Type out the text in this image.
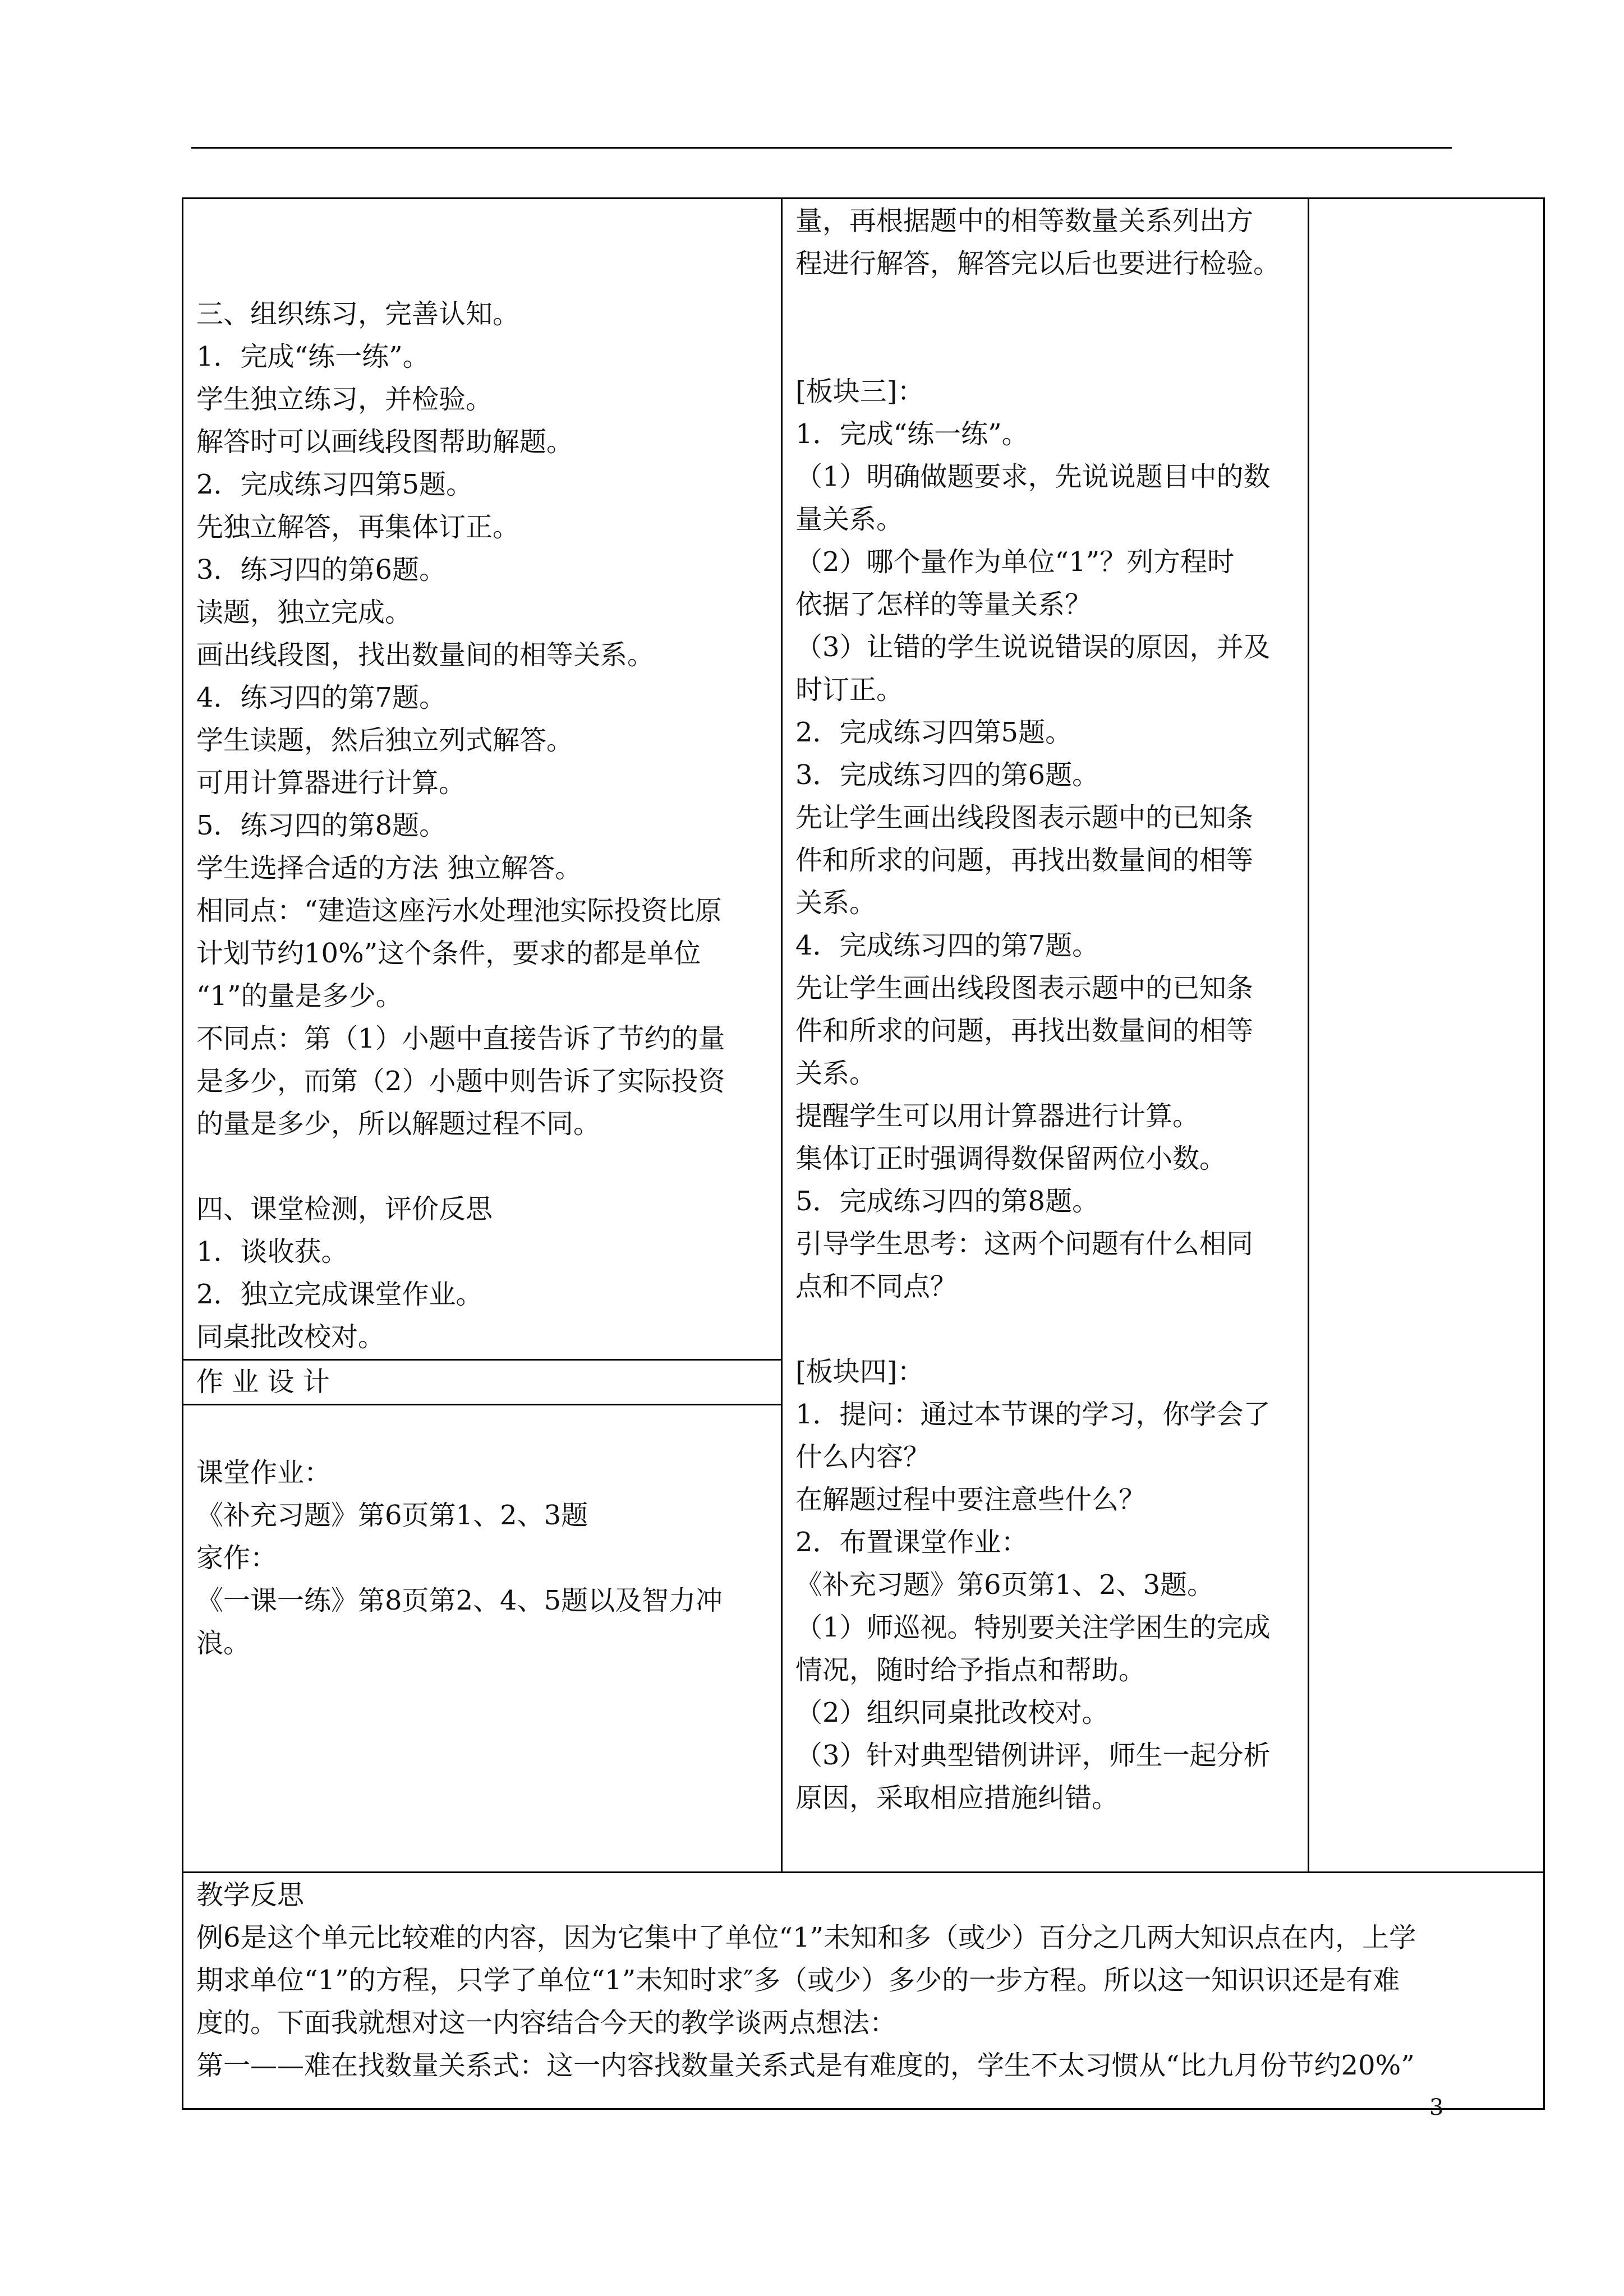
三、组织练习，完善认知。
1．完成“练一练”。
学生独立练习，并检验。
解答时可以画线段图帮助解题。
2．完成练习四第5题。
先独立解答，再集体订正。
3．练习四的第6题。
读题，独立完成。
画出线段图，找出数量间的相等关系。
4．练习四的第7题。
学生读题，然后独立列式解答。
可用计算器进行计算。
5．练习四的第8题。
学生选择合适的方法 独立解答。
相同点：“建造这座污水处理池实际投资比原
计划节约10%”这个条件，要求的都是单位
“1”的量是多少。
不同点：第（1）小题中直接告诉了节约的量
是多少，而第（2）小题中则告诉了实际投资
的量是多少，所以解题过程不同。
四、课堂检测，评价反思
1．谈收获。
2．独立完成课堂作业。
同桌批改校对。
作 业 设 计
课堂作业：
《补充习题》第6页第1、2、3题
家作：
《一课一练》第8页第2、4、5题以及智力冲
浪。
量，再根据题中的相等数量关系列出方
程进行解答，解答完以后也要进行检验。
[板块三]：
1．完成“练一练”。
（1）明确做题要求，先说说题目中的数
量关系。
（2）哪个量作为单位“1”？列方程时
依据了怎样的等量关系？
（3）让错的学生说说错误的原因，并及
时订正。
2．完成练习四第5题。
3．完成练习四的第6题。
先让学生画出线段图表示题中的已知条
件和所求的问题，再找出数量间的相等
关系。
4．完成练习四的第7题。
先让学生画出线段图表示题中的已知条
件和所求的问题，再找出数量间的相等
关系。
提醒学生可以用计算器进行计算。
集体订正时强调得数保留两位小数。
5．完成练习四的第8题。
引导学生思考：这两个问题有什么相同
点和不同点？
[板块四]：
1．提问：通过本节课的学习，你学会了
什么内容？
在解题过程中要注意些什么？
2．布置课堂作业：
《补充习题》第6页第1、2、3题。
（1）师巡视。特别要关注学困生的完成
情况，随时给予指点和帮助。
（2）组织同桌批改校对。
（3）针对典型错例讲评，师生一起分析
原因，采取相应措施纠错。
教学反思
例6是这个单元比较难的内容，因为它集中了单位“1”未知和多（或少）百分之几两大知识点在内，上学
期求单位“1”的方程，只学了单位“1”未知时求″多（或少）多少的一步方程。所以这一知识识还是有难
度的。下面我就想对这一内容结合今天的教学谈两点想法：
第一——难在找数量关系式：这一内容找数量关系式是有难度的，学生不太习惯从“比九月份节约20%”
3
